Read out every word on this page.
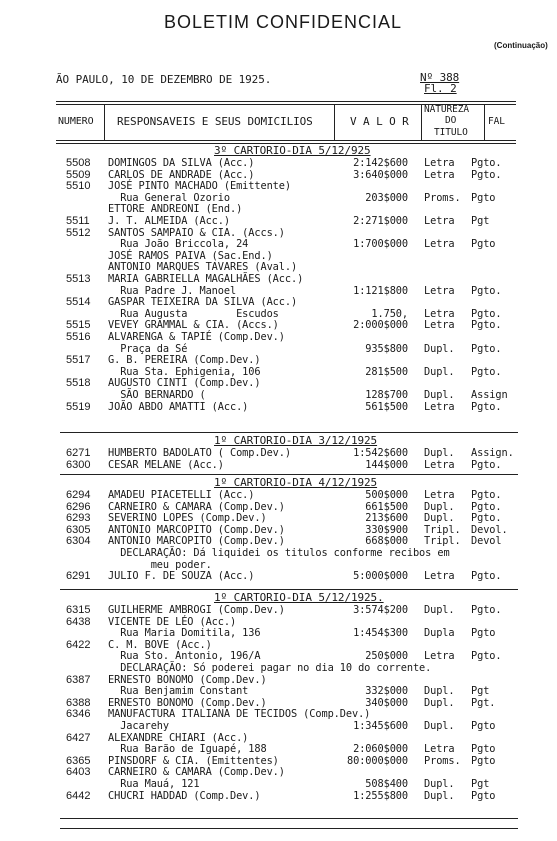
BOLETIM CONFIDENCIAL
(Continuação)
ÃO PAULO, 10 DE DEZEMBRO DE 1925.	Nº 388
Fl. 2
NUMERO RESPONSAVEIS E SEUS DOMICILIOS	V A L O R
NATUREZA
DO
TITULO
FAL
3º CARTORIO-DIA 5/12/925
5508 DOMINGOS DA SILVA (Acc.)	2:142$600 Letra Pgto.
5509 CARLOS DE ANDRADE (Acc.)	3:640$000 Letra Pgto.
5510 JOSÉ PINTO MACHADO (Emittente)
Rua General Ozorio	203$000 Proms. Pgto
ETTORE ANDREONI (End.)
5511 J. T. ALMEIDA (Acc.)	2:271$000 Letra Pgt
5512 SANTOS SAMPAIO & CIA. (Accs.)
Rua João Briccola, 24	1:700$000 Letra Pgto
JOSÉ RAMOS PAIVA (Sac.End.)
ANTONIO MARQUES TAVARES (Aval.)
5513 MARIA GABRIELLA MAGALHÃES (Acc.)
Rua Padre J. Manoel	1:121$800 Letra Pgto.
5514 GASPAR TEIXEIRA DA SILVA (Acc.)
Rua Augusta        Escudos	1.750, Letra Pgto.
5515 VEVEY GRAMMAL & CIA. (Accs.)	2:000$000 Letra Pgto.
5516 ALVARENGA & TAPIÉ (Comp.Dev.)
Praça da Sé	935$800 Dupl. Pgto.
5517 G. B. PEREIRA (Comp.Dev.)
Rua Sta. Ephigenia, 106	281$500 Dupl. Pgto.
5518 AUGUSTO CINTI (Comp.Dev.)
SÃO BERNARDO (	128$700 Dupl. Assign
5519 JOÃO ABDO AMATTI (Acc.)	561$500 Letra Pgto.
1º CARTORIO-DIA 3/12/1925
6271 HUMBERTO BADOLATO ( Comp.Dev.)	1:542$600 Dupl. Assign.
6300 CESAR MELANE (Acc.)	144$000 Letra Pgto.
1º CARTORIO-DIA 4/12/1925
6294 AMADEU PIACETELLI (Acc.)	500$000 Letra Pgto.
6296 CARNEIRO & CAMARA (Comp.Dev.)	661$500 Dupl. Pgto.
6293 SEVERINO LOPES (Comp.Dev.)	213$600 Dupl. Pgto.
6305 ANTONIO MARCOPITO (Comp.Dev.)	330$900 Tripl. Devol.
6304 ANTONIO MARCOPITO (Comp.Dev.)	668$000 Tripl. Devol
DECLARAÇÃO: Dá liquidei os titulos conforme recibos em
meu poder.
6291 JULIO F. DE SOUZA (Acc.)	5:000$000 Letra Pgto.
1º CARTORIO-DIA 5/12/1925.
6315 GUILHERME AMBROGI (Comp.Dev.)	3:574$200 Dupl. Pgto.
6438 VICENTE DE LÉO (Acc.)
Rua Maria Domitila, 136	1:454$300 Dupla Pgto
6422 C. M. BOVE (Acc.)
Rua Sto. Antonio, 196/A	250$000 Letra Pgto.
DECLARAÇÃO: Só poderei pagar no dia 10 do corrente.
6387 ERNESTO BONOMO (Comp.Dev.)
Rua Benjamim Constant	332$000 Dupl. Pgt
6388 ERNESTO BONOMO (Comp.Dev.)	340$000 Dupl. Pgt.
6346 MANUFACTURA ITALIANA DE TECIDOS (Comp.Dev.)
Jacarehy	1:345$600 Dupl. Pgto
6427 ALEXANDRE CHIARI (Acc.)
Rua Barão de Iguapé, 188	2:060$000 Letra Pgto
6365 PINSDORF & CIA. (Emittentes)	80:000$000 Proms. Pgto
6403 CARNEIRO & CAMARA (Comp.Dev.)
Rua Mauá, 121	508$400 Dupl. Pgt
6442 CHUCRI HADDAD (Comp.Dev.)	1:255$800 Dupl. Pgto
